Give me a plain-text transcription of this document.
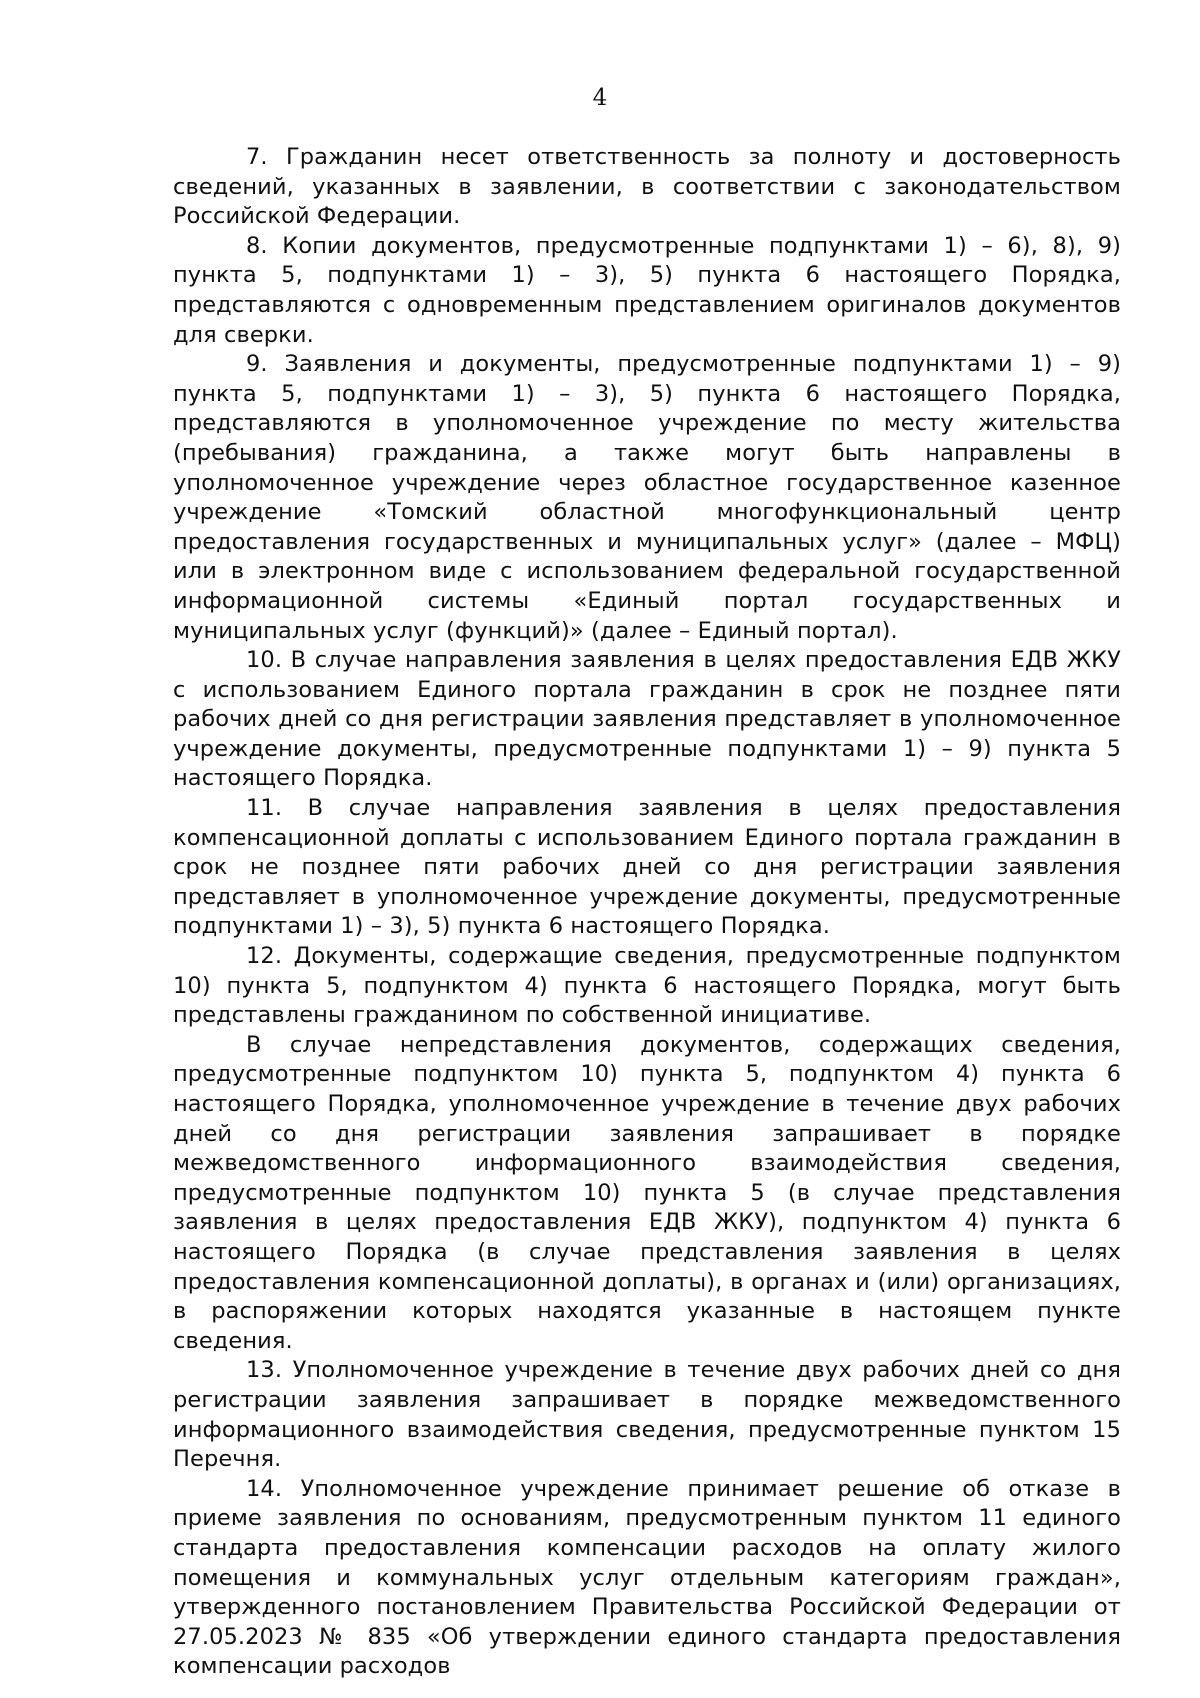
4

7. Гражданин несет ответственность за полноту и достоверность сведений, указанных в заявлении, в соответствии с законодательством Российской Федерации.

8. Копии документов, предусмотренные подпунктами 1) – 6), 8), 9) пункта 5, подпунктами 1) – 3), 5) пункта 6 настоящего Порядка, представляются с одновременным представлением оригиналов документов для сверки.

9. Заявления и документы, предусмотренные подпунктами 1) – 9) пункта 5, подпунктами 1) – 3), 5) пункта 6 настоящего Порядка, представляются в уполномоченное учреждение по месту жительства (пребывания) гражданина, а также могут быть направлены в уполномоченное учреждение через областное государственное казенное учреждение «Томский областной многофункциональный центр предоставления государственных и муниципальных услуг» (далее – МФЦ) или в электронном виде с использованием федеральной государственной информационной системы «Единый портал государственных и муниципальных услуг (функций)» (далее – Единый портал).

10. В случае направления заявления в целях предоставления ЕДВ ЖКУ с использованием Единого портала гражданин в срок не позднее пяти рабочих дней со дня регистрации заявления представляет в уполномоченное учреждение документы, предусмотренные подпунктами 1) – 9) пункта 5 настоящего Порядка.

11. В случае направления заявления в целях предоставления компенсационной доплаты с использованием Единого портала гражданин в срок не позднее пяти рабочих дней со дня регистрации заявления представляет в уполномоченное учреждение документы, предусмотренные подпунктами 1) – 3), 5) пункта 6 настоящего Порядка.

12. Документы, содержащие сведения, предусмотренные подпунктом 10) пункта 5, подпунктом 4) пункта 6 настоящего Порядка, могут быть представлены гражданином по собственной инициативе.

В случае непредставления документов, содержащих сведения, предусмотренные подпунктом 10) пункта 5, подпунктом 4) пункта 6 настоящего Порядка, уполномоченное учреждение в течение двух рабочих дней со дня регистрации заявления запрашивает в порядке межведомственного информационного взаимодействия сведения, предусмотренные подпунктом 10) пункта 5 (в случае представления заявления в целях предоставления ЕДВ ЖКУ), подпунктом 4) пункта 6 настоящего Порядка (в случае представления заявления в целях предоставления компенсационной доплаты), в органах и (или) организациях, в распоряжении которых находятся указанные в настоящем пункте сведения.

13. Уполномоченное учреждение в течение двух рабочих дней со дня регистрации заявления запрашивает в порядке межведомственного информационного взаимодействия сведения, предусмотренные пунктом 15 Перечня.

14. Уполномоченное учреждение принимает решение об отказе в приеме заявления по основаниям, предусмотренным пунктом 11 единого стандарта предоставления компенсации расходов на оплату жилого помещения и коммунальных услуг отдельным категориям граждан», утвержденного постановлением Правительства Российской Федерации от 27.05.2023 № 835 «Об утверждении единого стандарта предоставления компенсации расходов
